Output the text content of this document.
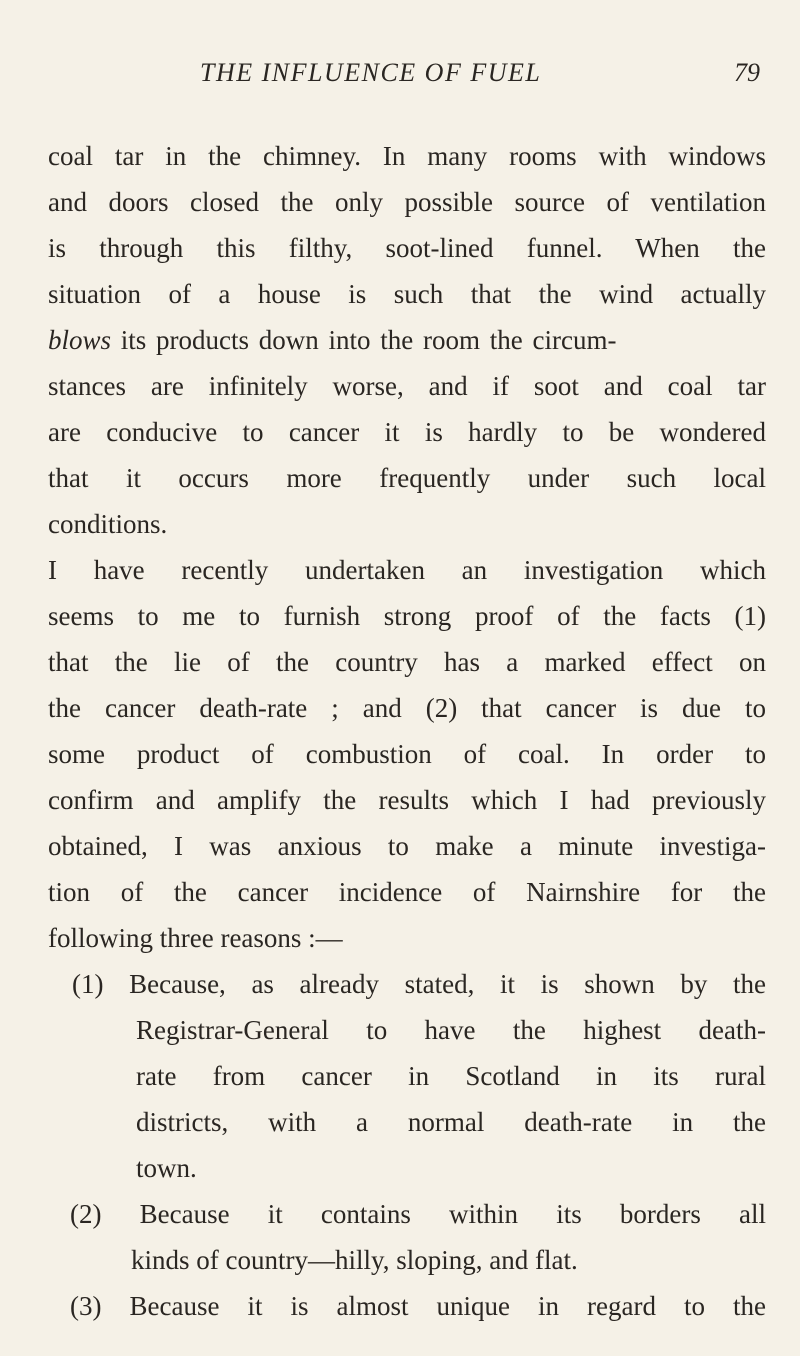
THE INFLUENCE OF FUEL	79
coal tar in the chimney. In many rooms with windows
and doors closed the only possible source of ventilation
is through this filthy, soot-lined funnel. When the
situation of a house is such that the wind actually
blows its products down into the room the circum-
stances are infinitely worse, and if soot and coal tar
are conducive to cancer it is hardly to be wondered
that it occurs more frequently under such local
conditions.
I have recently undertaken an investigation which
seems to me to furnish strong proof of the facts (1)
that the lie of the country has a marked effect on
the cancer death-rate ; and (2) that cancer is due to
some product of combustion of coal. In order to
confirm and amplify the results which I had previously
obtained, I was anxious to make a minute investiga-
tion of the cancer incidence of Nairnshire for the
following three reasons :—
(1) Because, as already stated, it is shown by the
Registrar-General to have the highest death-
rate from cancer in Scotland in its rural
districts, with a normal death-rate in the
town.
(2) Because it contains within its borders all
kinds of country—hilly, sloping, and flat.
(3) Because it is almost unique in regard to the
